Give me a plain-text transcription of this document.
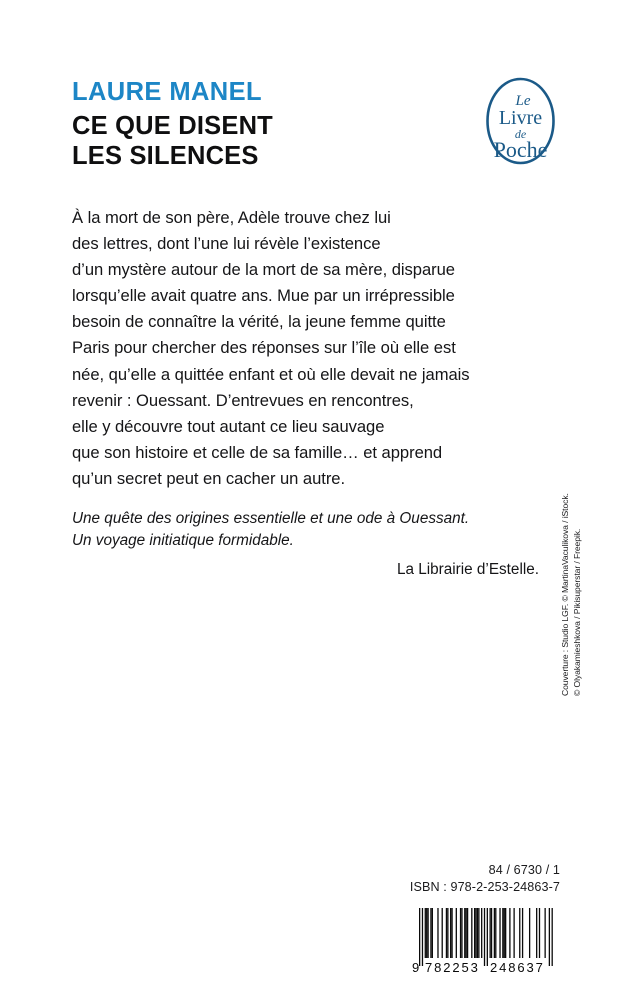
LAURE MANEL
CE QUE DISENT
LES SILENCES
Le
Livre
de
Poche
À la mort de son père, Adèle trouve chez lui
des lettres, dont l’une lui révèle l’existence
d’un mystère autour de la mort de sa mère, disparue
lorsqu’elle avait quatre ans. Mue par un irrépressible
besoin de connaître la vérité, la jeune femme quitte
Paris pour chercher des réponses sur l’île où elle est
née, qu’elle a quittée enfant et où elle devait ne jamais
revenir : Ouessant. D’entrevues en rencontres,
elle y découvre tout autant ce lieu sauvage
que son histoire et celle de sa famille… et apprend
qu’un secret peut en cacher un autre.
Une quête des origines essentielle et une ode à Ouessant.
Un voyage initiatique formidable.
La Librairie d’Estelle.	Couverture : Studio LGF. © MartinaVaculikova / iStock. © Olyakamieshkova / Pikisuperstar / Freepik.
84 / 6730 / 1
ISBN : 978-2-253-24863-7
9 782253 248637
